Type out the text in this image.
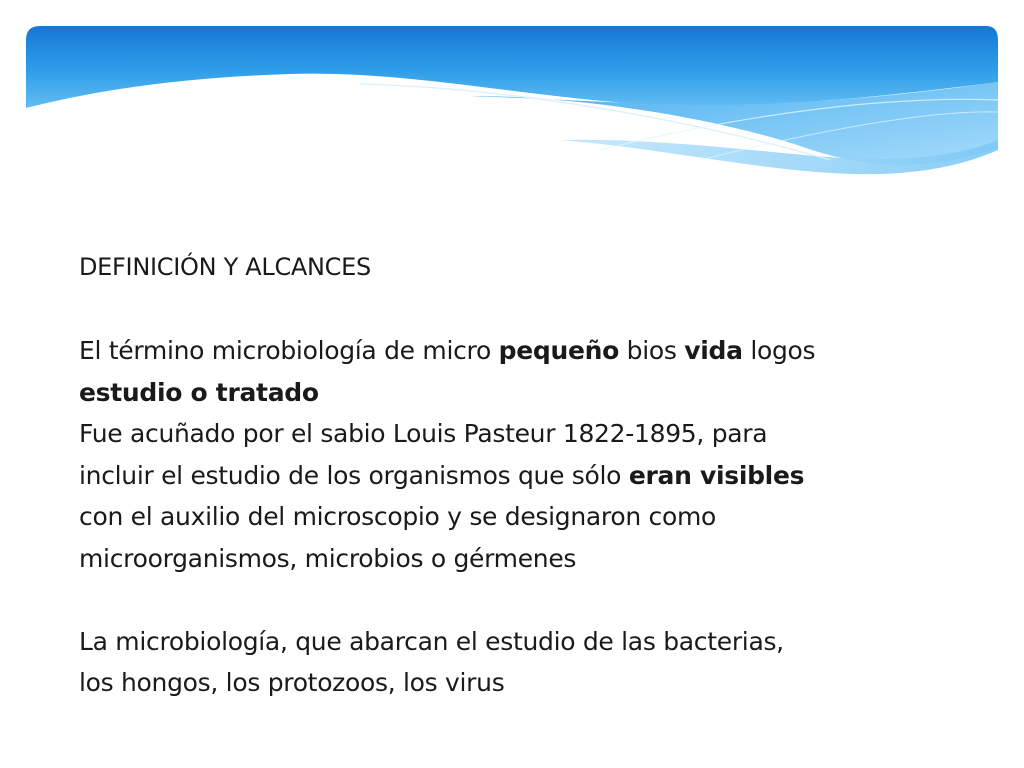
DEFINICIÓN Y ALCANCES

El término microbiología de micro pequeño bios vida logos

estudio o tratado

Fue acuñado por el sabio Louis Pasteur 1822-1895, para

incluir el estudio de los organismos que sólo eran visibles

con el auxilio del microscopio y se designaron como

microorganismos, microbios o gérmenes

La microbiología, que abarcan el estudio de las bacterias,

los hongos, los protozoos, los virus
